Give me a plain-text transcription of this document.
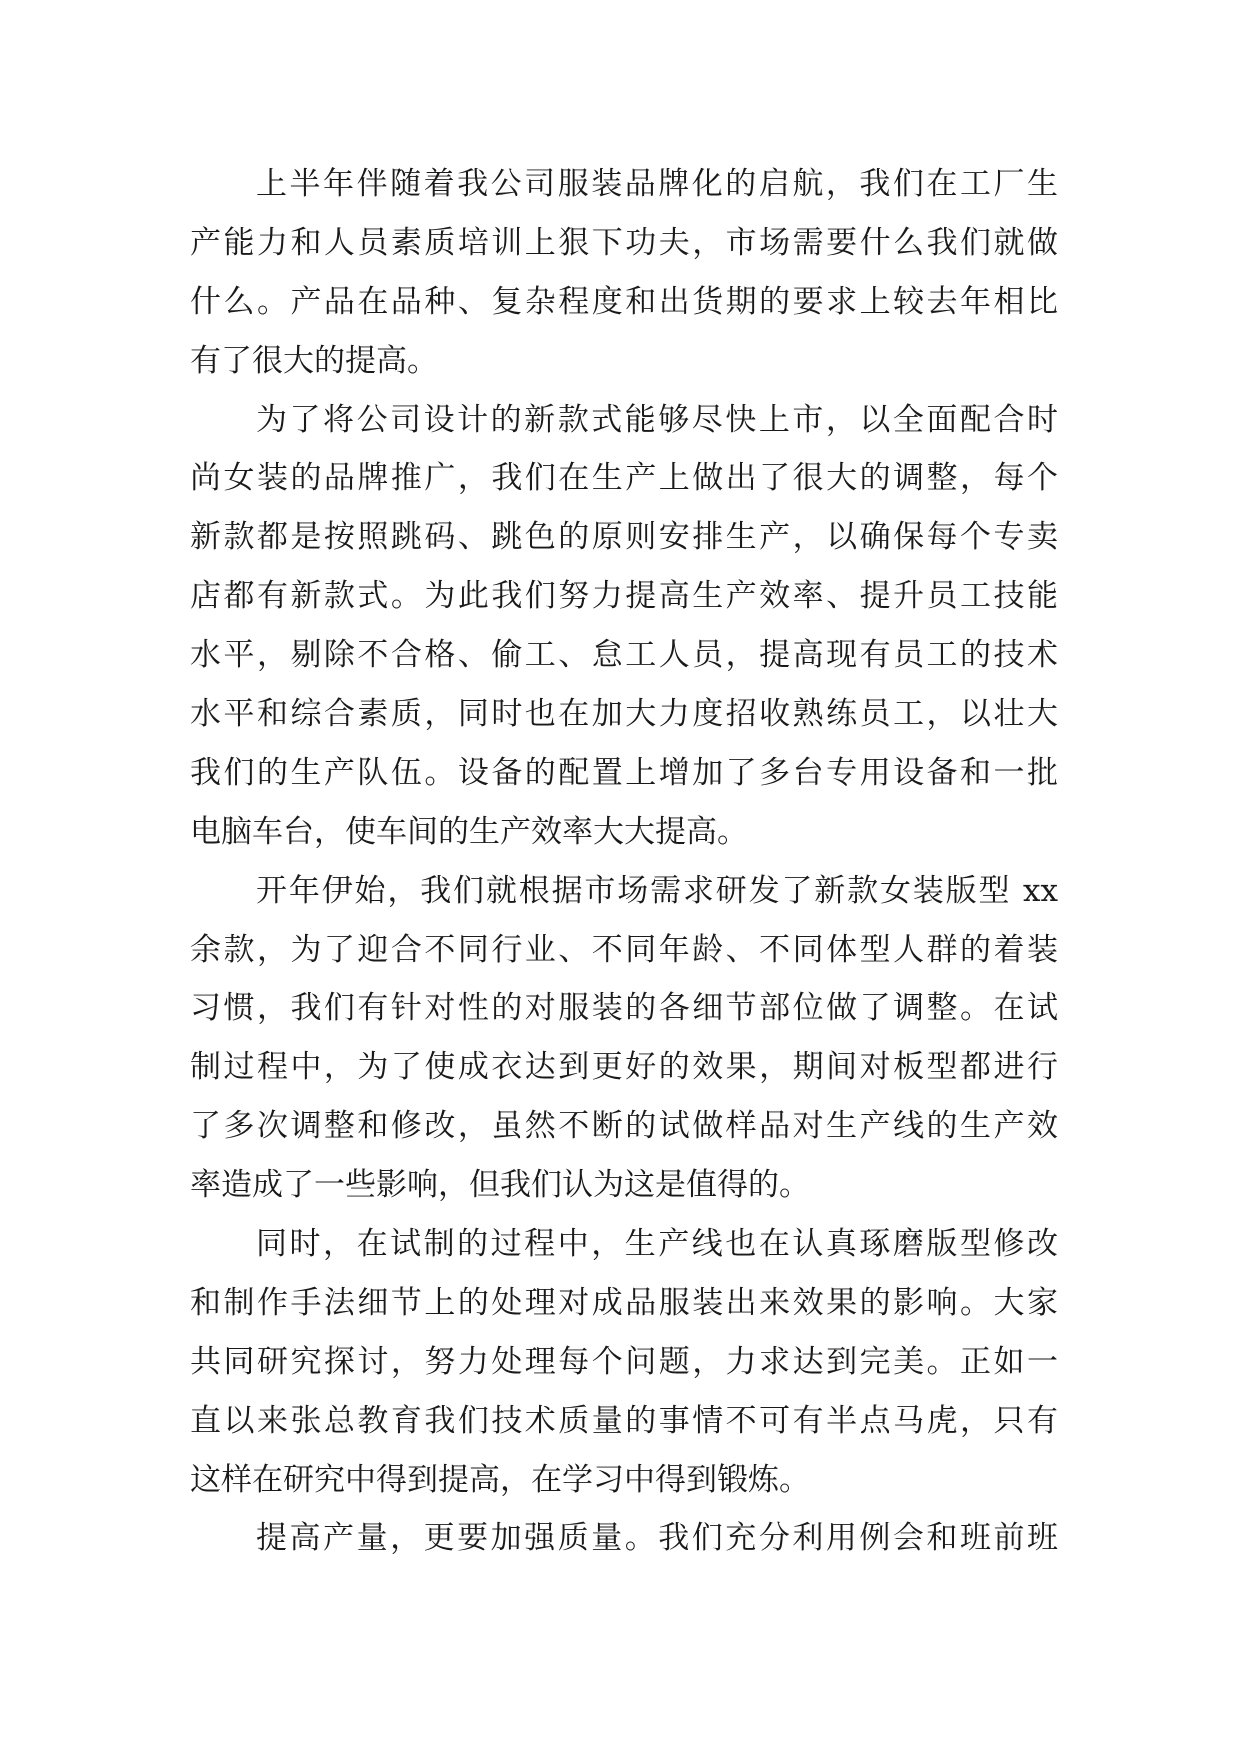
上半年伴随着我公司服装品牌化的启航，我们在工厂生
产能力和人员素质培训上狠下功夫，市场需要什么我们就做
什么。产品在品种、复杂程度和出货期的要求上较去年相比
有了很大的提高。
为了将公司设计的新款式能够尽快上市，以全面配合时
尚女装的品牌推广，我们在生产上做出了很大的调整，每个
新款都是按照跳码、跳色的原则安排生产，以确保每个专卖
店都有新款式。为此我们努力提高生产效率、提升员工技能
水平，剔除不合格、偷工、怠工人员，提高现有员工的技术
水平和综合素质，同时也在加大力度招收熟练员工，以壮大
我们的生产队伍。设备的配置上增加了多台专用设备和一批
电脑车台，使车间的生产效率大大提高。
开年伊始，我们就根据市场需求研发了新款女装版型 xx
余款，为了迎合不同行业、不同年龄、不同体型人群的着装
习惯，我们有针对性的对服装的各细节部位做了调整。在试
制过程中，为了使成衣达到更好的效果，期间对板型都进行
了多次调整和修改，虽然不断的试做样品对生产线的生产效
率造成了一些影响，但我们认为这是值得的。
同时，在试制的过程中，生产线也在认真琢磨版型修改
和制作手法细节上的处理对成品服装出来效果的影响。大家
共同研究探讨，努力处理每个问题，力求达到完美。正如一
直以来张总教育我们技术质量的事情不可有半点马虎，只有
这样在研究中得到提高，在学习中得到锻炼。
提高产量，更要加强质量。我们充分利用例会和班前班
